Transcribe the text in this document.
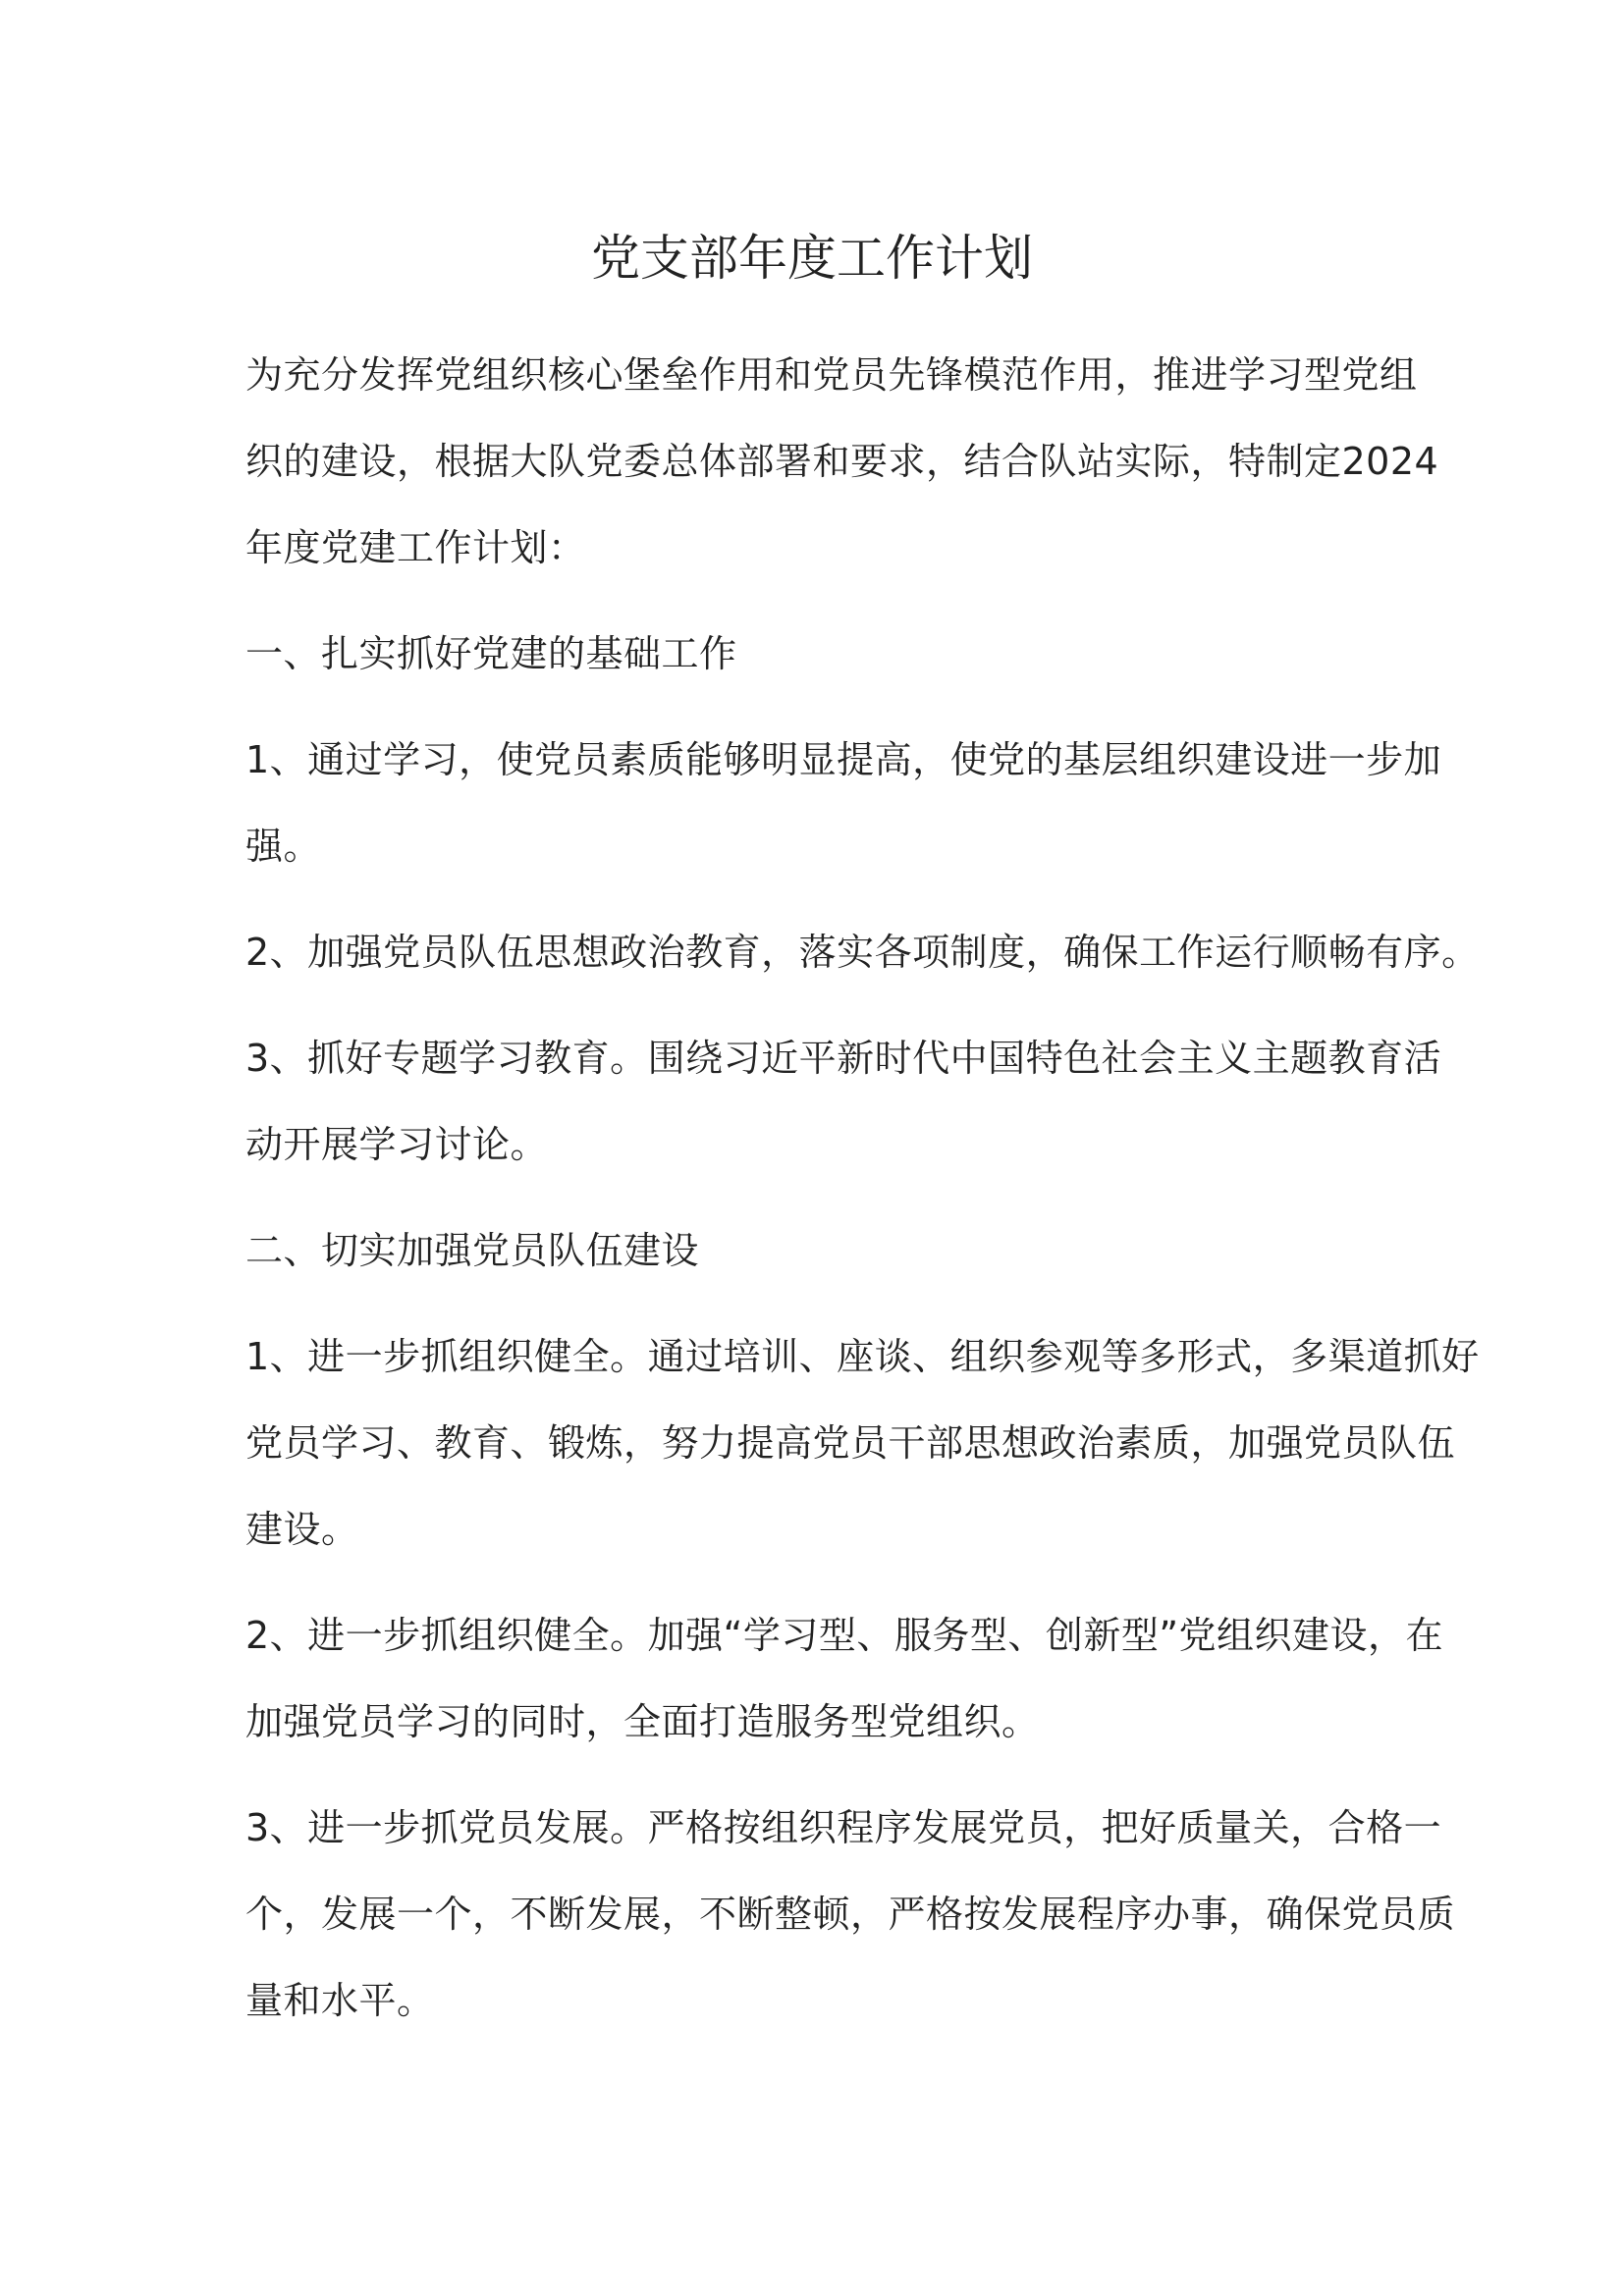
党支部年度工作计划
为充分发挥党组织核心堡垒作用和党员先锋模范作用，推进学习型党组
织的建设，根据大队党委总体部署和要求，结合队站实际，特制定2024
年度党建工作计划：
一、扎实抓好党建的基础工作
1、通过学习，使党员素质能够明显提高，使党的基层组织建设进一步加
强。
2、加强党员队伍思想政治教育，落实各项制度，确保工作运行顺畅有序。
3、抓好专题学习教育。围绕习近平新时代中国特色社会主义主题教育活
动开展学习讨论。
二、切实加强党员队伍建设
1、进一步抓组织健全。通过培训、座谈、组织参观等多形式，多渠道抓好
党员学习、教育、锻炼，努力提高党员干部思想政治素质，加强党员队伍
建设。
2、进一步抓组织健全。加强“学习型、服务型、创新型”党组织建设，在
加强党员学习的同时，全面打造服务型党组织。
3、进一步抓党员发展。严格按组织程序发展党员，把好质量关，合格一
个，发展一个，不断发展，不断整顿，严格按发展程序办事，确保党员质
量和水平。
